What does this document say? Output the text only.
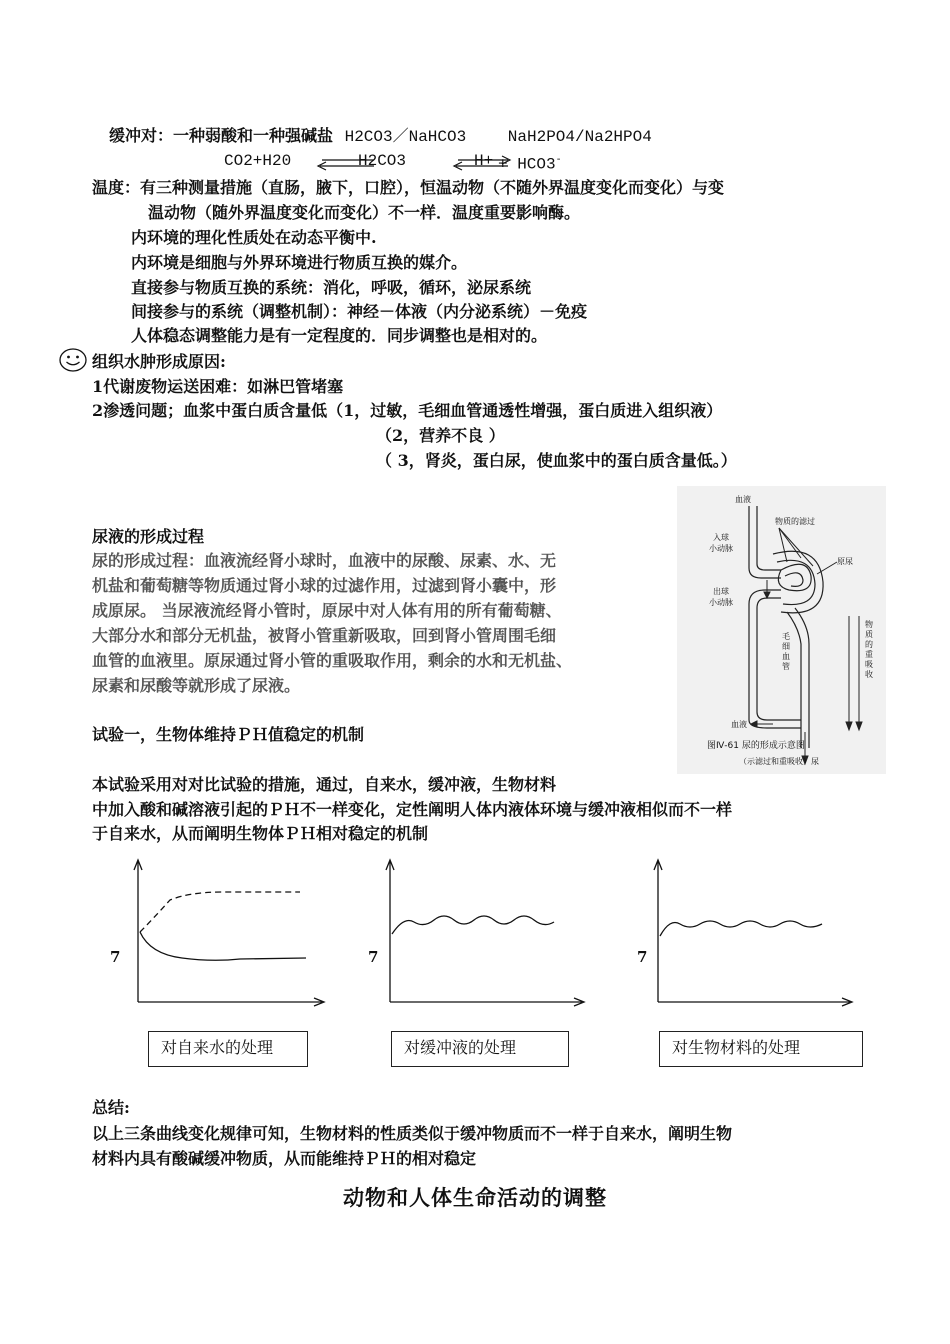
缓冲对：一种弱酸和一种强碱盐 H2CO3／NaHCO3	NaH2PO4/Na2HPO4
CO2+H20	H2CO3	H+ + HCO3-
温度：有三种测量措施（直肠，腋下，口腔），恒温动物（不随外界温度变化而变化）与变
温动物（随外界温度变化而变化）不一样．温度重要影响酶。
内环境的理化性质处在动态平衡中.
内环境是细胞与外界环境进行物质互换的媒介。
直接参与物质互换的系统：消化，呼吸，循环，泌尿系统
间接参与的系统（调整机制）：神经－体液（内分泌系统）－免疫
人体稳态调整能力是有一定程度的．同步调整也是相对的。
组织水肿形成原因:
1代谢废物运送困难：如淋巴管堵塞
2渗透问题；血浆中蛋白质含量低（1，过敏，毛细血管通透性增强，蛋白质进入组织液）
（2，营养不良 ）
（ 3，肾炎，蛋白尿，使血浆中的蛋白质含量低。）
尿液的形成过程
尿的形成过程：血液流经肾小球时，血液中的尿酸、尿素、水、无
机盐和葡萄糖等物质通过肾小球的过滤作用，过滤到肾小囊中，形
成原尿。 当尿液流经肾小管时，原尿中对人体有用的所有葡萄糖、
大部分水和部分无机盐，被肾小管重新吸取，回到肾小管周围毛细
血管的血液里。原尿通过肾小管的重吸取作用，剩余的水和无机盐、
尿素和尿酸等就形成了尿液。
血液
入球
小动脉
物质的滤过
原尿
出球
小动脉
毛
细
血
管
物
质
的
重
吸
收
血液
尿
图Ⅳ-61 尿的形成示意图
（示滤过和重吸收）
试验一，生物体维持ＰＨ值稳定的机制
本试验采用对对比试验的措施，通过，自来水，缓冲液，生物材料
中加入酸和碱溶液引起的ＰＨ不一样变化，定性阐明人体内液体环境与缓冲液相似而不一样
于自来水，从而阐明生物体ＰＨ相对稳定的机制
7	7	7
对自来水的处理	对缓冲液的处理	对生物材料的处理
总结:
以上三条曲线变化规律可知，生物材料的性质类似于缓冲物质而不一样于自来水，阐明生物
材料内具有酸碱缓冲物质，从而能维持ＰＨ的相对稳定
动物和人体生命活动的调整
